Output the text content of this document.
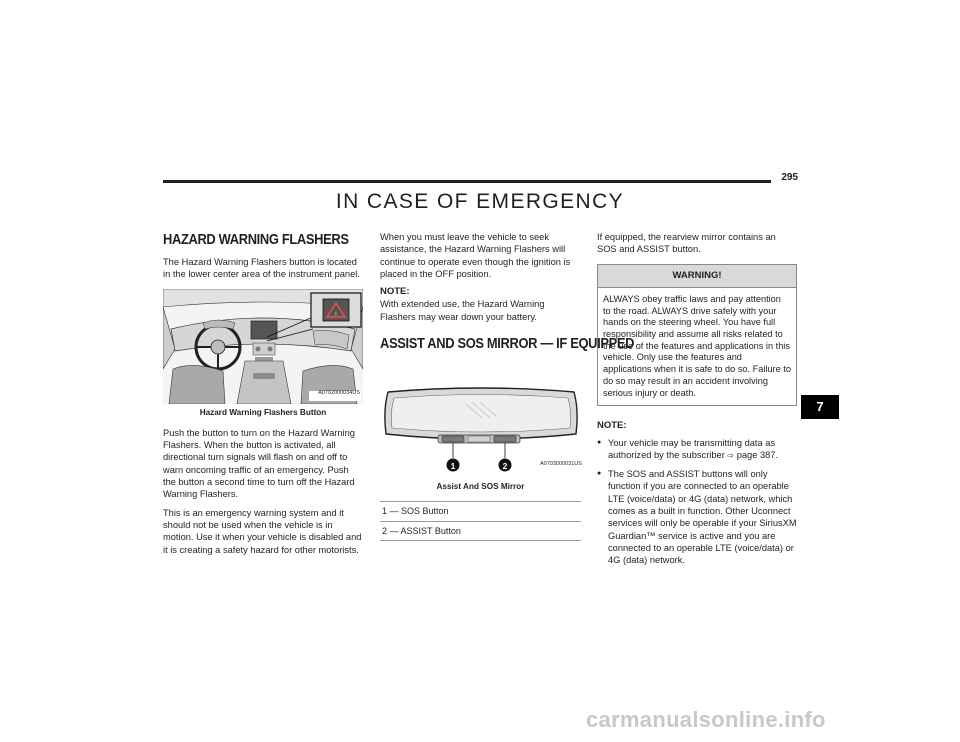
295
IN CASE OF EMERGENCY
HAZARD WARNING FLASHERS

The Hazard Warning Flashers button is located in the lower center area of the instrument panel.

!
A0702000034US
Hazard Warning Flashers Button

Push the button to turn on the Hazard Warning Flashers. When the button is activated, all directional turn signals will flash on and off to warn oncoming traffic of an emergency. Push the button a second time to turn off the Hazard Warning Flashers.

This is an emergency warning system and it should not be used when the vehicle is in motion. Use it when your vehicle is disabled and it is creating a safety hazard for other motorists.

When you must leave the vehicle to seek assistance, the Hazard Warning Flashers will continue to operate even though the ignition is placed in the OFF position.

NOTE:
With extended use, the Hazard Warning Flashers may wear down your battery.
ASSIST AND SOS MIRROR — IF EQUIPPED
1	2	A0703000031US
Assist And SOS Mirror
1 — SOS Button
2 — ASSIST Button

If equipped, the rearview mirror contains an SOS and ASSIST button.

WARNING!
ALWAYS obey traffic laws and pay attention to the road. ALWAYS drive safely with your hands on the steering wheel. You have full responsibility and assume all risks related to the use of the features and applications in this vehicle. Only use the features and applications when it is safe to do so. Failure to do so may result in an accident involving serious injury or death.
NOTE:
● Your vehicle may be transmitting data as authorized by the subscriber ⇨ page 387.
● The SOS and ASSIST buttons will only function if you are connected to an operable LTE (voice/data) or 4G (data) network, which comes as a built in function. Other Uconnect services will only be operable if your SiriusXM Guardian™ service is active and you are connected to an operable LTE (voice/data) or 4G (data) network.
7
carmanualsonline.info
